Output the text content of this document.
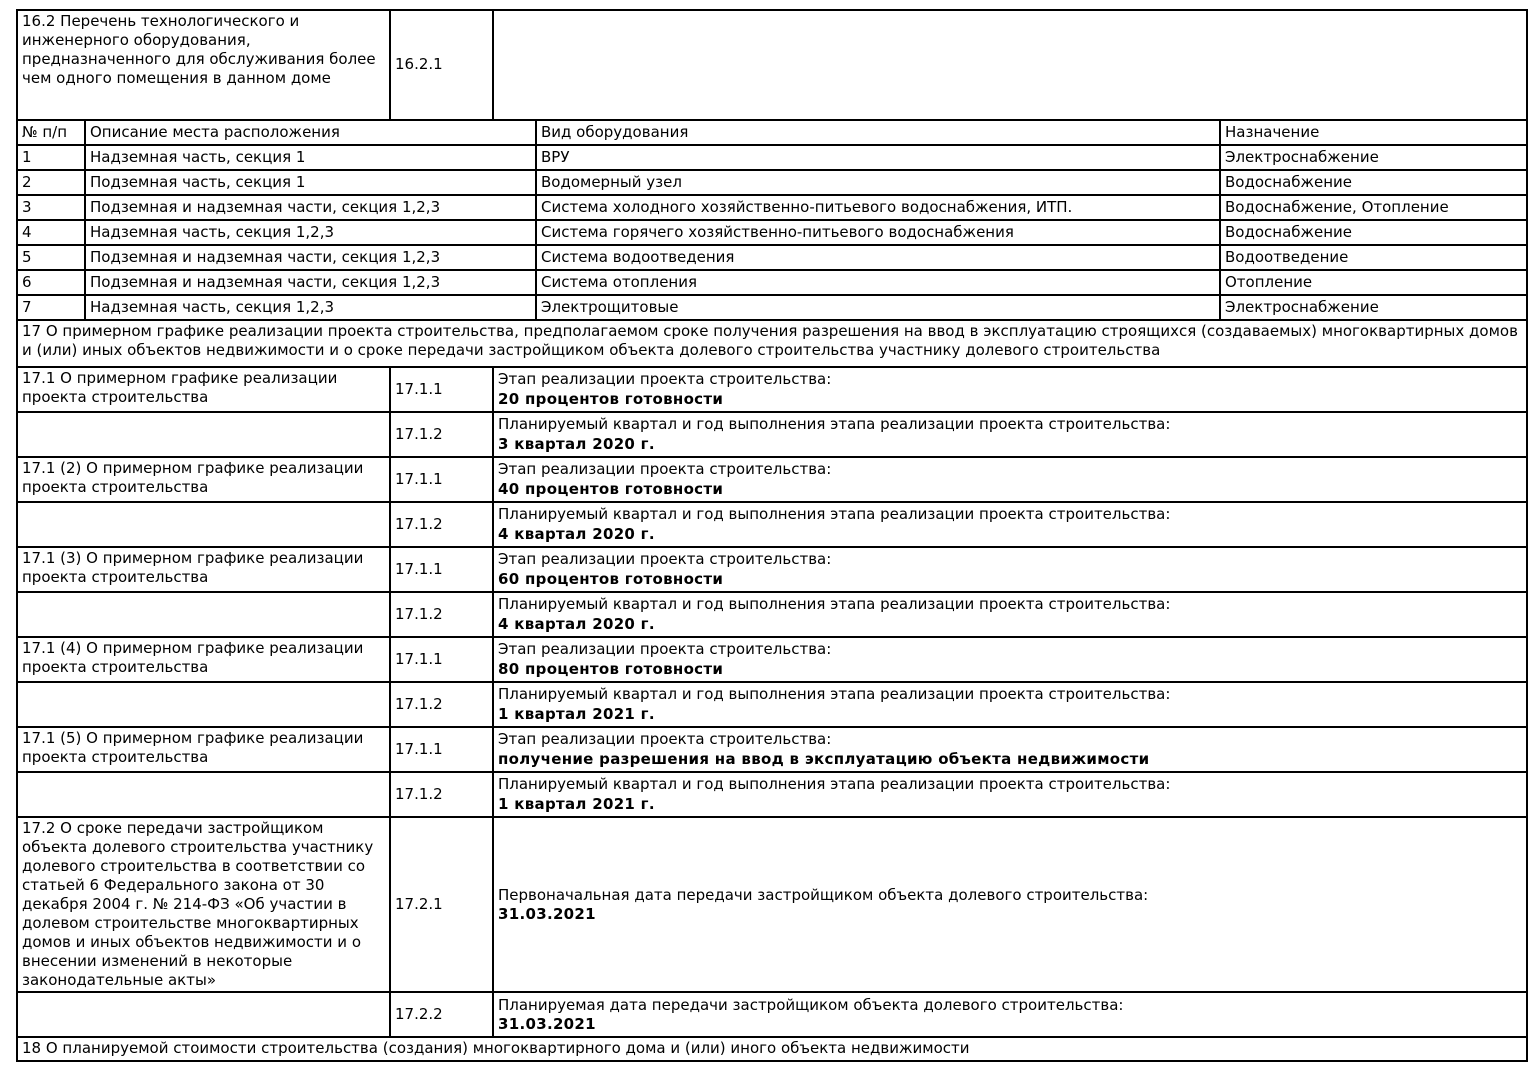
16.2 Перечень технологического и инженерного оборудования, предназначенного для обслуживания более чем одного помещения в данном доме	16.2.1	
№ п/п	Описание места расположения	Вид оборудования	Назначение
1	Надземная часть, секция 1	ВРУ	Электроснабжение
2	Подземная часть, секция 1	Водомерный узел	Водоснабжение
3	Подземная и надземная части, секция 1,2,3	Система холодного хозяйственно-питьевого водоснабжения, ИТП.	Водоснабжение, Отопление
4	Надземная часть, секция 1,2,3	Система горячего хозяйственно-питьевого водоснабжения	Водоснабжение
5	Подземная и надземная части, секция 1,2,3	Система водоотведения	Водоотведение
6	Подземная и надземная части, секция 1,2,3	Система отопления	Отопление
7	Надземная часть, секция 1,2,3	Электрощитовые	Электроснабжение
17 О примерном графике реализации проекта строительства, предполагаемом сроке получения разрешения на ввод в эксплуатацию строящихся (создаваемых) многоквартирных домов и (или) иных объектов недвижимости и о сроке передачи застройщиком объекта долевого строительства участнику долевого строительства		
17.1 О примерном графике реализации проекта строительства	17.1.1	Этап реализации проекта строительства:
20 процентов готовности

	17.1.2	Планируемый квартал и год выполнения этапа реализации проекта строительства:
3 квартал 2020 г.

17.1 (2) О примерном графике реализации проекта строительства	17.1.1	Этап реализации проекта строительства:
40 процентов готовности

	17.1.2	Планируемый квартал и год выполнения этапа реализации проекта строительства:
4 квартал 2020 г.

17.1 (3) О примерном графике реализации проекта строительства	17.1.1	Этап реализации проекта строительства:
60 процентов готовности

	17.1.2	Планируемый квартал и год выполнения этапа реализации проекта строительства:
4 квартал 2020 г.

17.1 (4) О примерном графике реализации проекта строительства	17.1.1	Этап реализации проекта строительства:
80 процентов готовности

	17.1.2	Планируемый квартал и год выполнения этапа реализации проекта строительства:
1 квартал 2021 г.

17.1 (5) О примерном графике реализации проекта строительства	17.1.1	Этап реализации проекта строительства:
получение разрешения на ввод в эксплуатацию объекта недвижимости

	17.1.2	Планируемый квартал и год выполнения этапа реализации проекта строительства:
1 квартал 2021 г.

17.2 О сроке передачи застройщиком объекта долевого строительства участнику долевого строительства в соответствии со статьей 6 Федерального закона от 30 декабря 2004 г. № 214-ФЗ «Об участии в долевом строительстве многоквартирных домов и иных объектов недвижимости и о внесении изменений в некоторые законодательные акты»	17.2.1	Первоначальная дата передачи застройщиком объекта долевого строительства:
31.03.2021

	17.2.2	Планируемая дата передачи застройщиком объекта долевого строительства:
31.03.2021

18 О планируемой стоимости строительства (создания) многоквартирного дома и (или) иного объекта недвижимости		
